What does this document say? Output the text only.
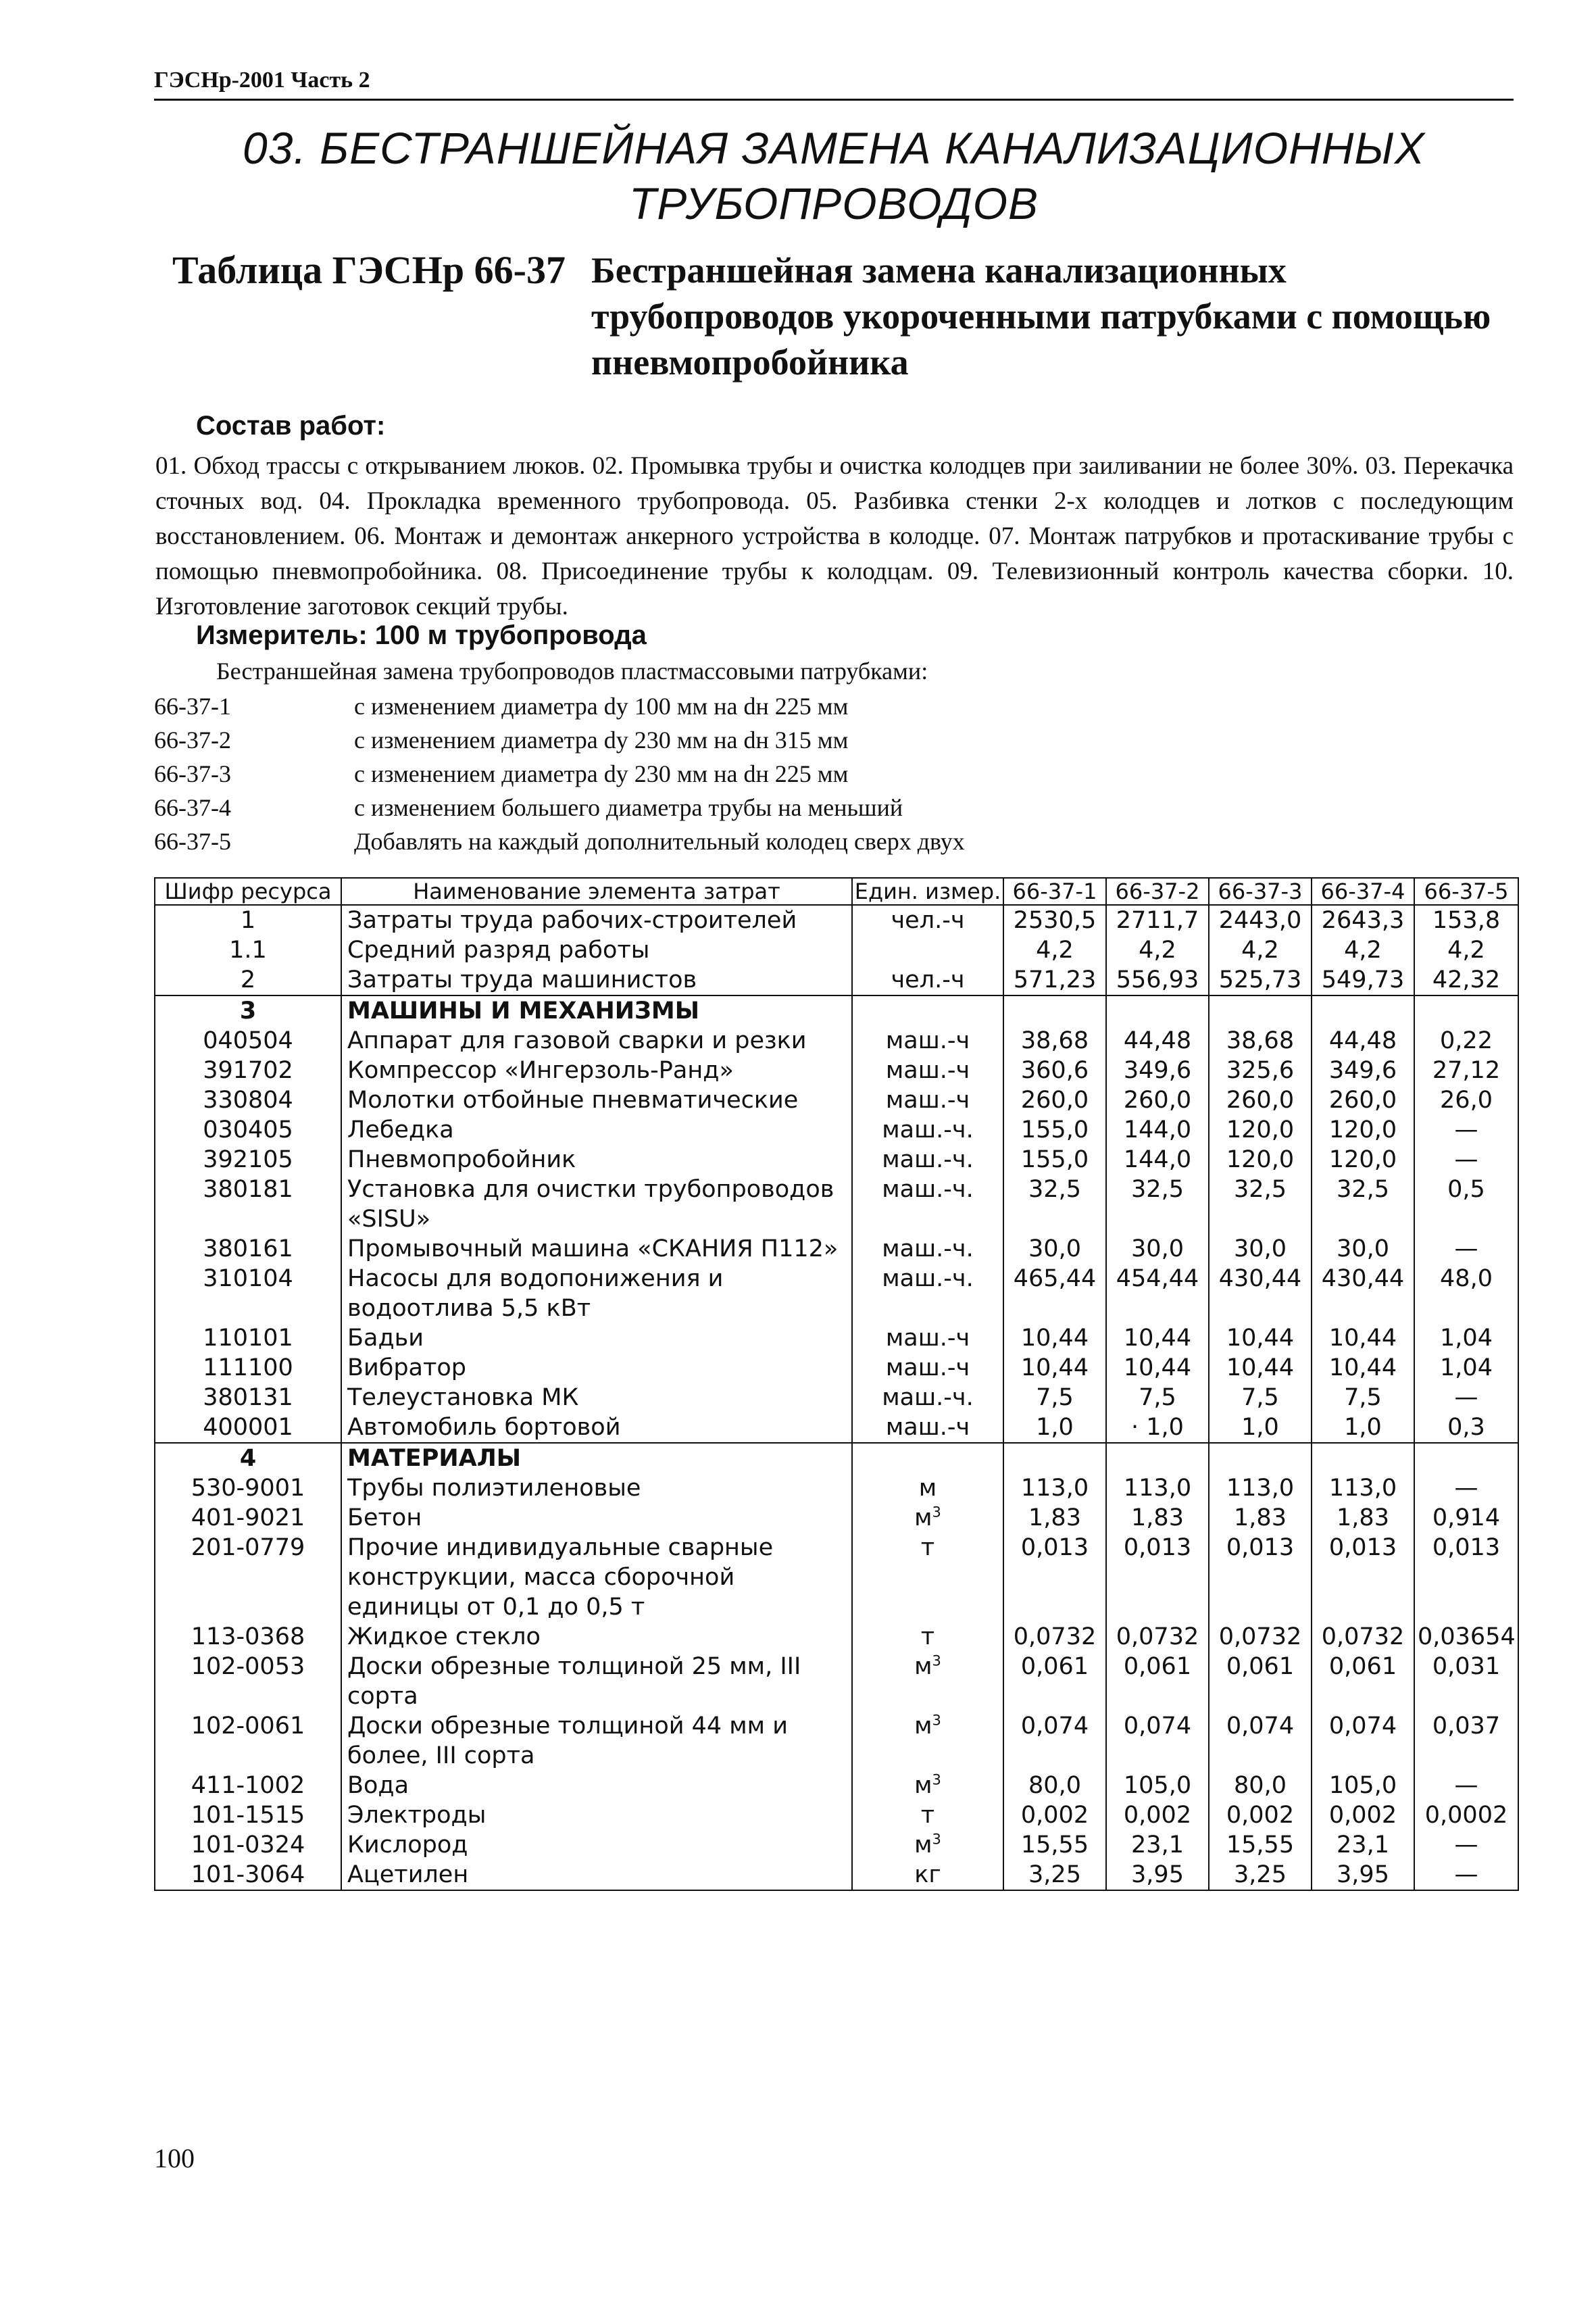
ГЭСНр-2001 Часть 2
03. БЕСТРАНШЕЙНАЯ ЗАМЕНА КАНАЛИЗАЦИОННЫХ
ТРУБОПРОВОДОВ
Таблица ГЭСНр 66-37 Бестраншейная замена канализационных трубопроводов укороченными патрубками с помощью пневмопробойника
Состав работ:
01. Обход трассы с открыванием люков. 02. Промывка трубы и очистка колодцев при заиливании не более 30%. 03. Перекачка сточных вод. 04. Прокладка временного трубопровода. 05. Разбивка стенки 2-х колодцев и лотков с последующим восстановлением. 06. Монтаж и демонтаж анкерного устройства в колодце. 07. Монтаж патрубков и протаскивание трубы с помощью пневмопробойника. 08. Присоединение трубы к колодцам. 09. Телевизионный контроль качества сборки. 10. Изготовление заготовок секций трубы.
Измеритель: 100 м трубопровода
Бестраншейная замена трубопроводов пластмассовыми патрубками:
66-37-1	с изменением диаметра dy 100 мм на dн 225 мм
66-37-2	с изменением диаметра dy 230 мм на dн 315 мм
66-37-3	с изменением диаметра dy 230 мм на dн 225 мм
66-37-4	с изменением большего диаметра трубы на меньший
66-37-5	Добавлять на каждый дополнительный колодец сверх двух
Шифр ресурса	Наименование элемента затрат	Един. измер.	66-37-1	66-37-2	66-37-3	66-37-4	66-37-5
1	Затраты труда рабочих-строителей	чел.-ч	2530,5	2711,7	2443,0	2643,3	153,8
1.1	Средний разряд работы		4,2	4,2	4,2	4,2	4,2
2	Затраты труда машинистов	чел.-ч	571,23	556,93	525,73	549,73	42,32
3	МАШИНЫ И МЕХАНИЗМЫ						
040504	Аппарат для газовой сварки и резки	маш.-ч	38,68	44,48	38,68	44,48	0,22
391702	Компрессор «Ингерзоль-Ранд»	маш.-ч	360,6	349,6	325,6	349,6	27,12
330804	Молотки отбойные пневматические	маш.-ч	260,0	260,0	260,0	260,0	26,0
030405	Лебедка	маш.-ч.	155,0	144,0	120,0	120,0	—
392105	Пневмопробойник	маш.-ч.	155,0	144,0	120,0	120,0	—
380181	Установка для очистки трубопроводов «SISU»	маш.-ч.	32,5	32,5	32,5	32,5	0,5
380161	Промывочный машина «СКАНИЯ П112»	маш.-ч.	30,0	30,0	30,0	30,0	—
310104	Насосы для водопонижения и водоотлива 5,5 кВт	маш.-ч.	465,44	454,44	430,44	430,44	48,0
110101	Бадьи	маш.-ч	10,44	10,44	10,44	10,44	1,04
111100	Вибратор	маш.-ч	10,44	10,44	10,44	10,44	1,04
380131	Телеустановка МК	маш.-ч.	7,5	7,5	7,5	7,5	—
400001	Автомобиль бортовой	маш.-ч	1,0	· 1,0	1,0	1,0	0,3
4	МАТЕРИАЛЫ						
530-9001	Трубы полиэтиленовые	м	113,0	113,0	113,0	113,0	—
401-9021	Бетон	$м^3$	1,83	1,83	1,83	1,83	0,914
201-0779	Прочие индивидуальные сварные конструкции, масса сборочной единицы от 0,1 до 0,5 т	т	0,013	0,013	0,013	0,013	0,013
113-0368	Жидкое стекло	т	0,0732	0,0732	0,0732	0,0732	0,03654
102-0053	Доски обрезные толщиной 25 мм, III сорта	$м^3$	0,061	0,061	0,061	0,061	0,031
102-0061	Доски обрезные толщиной 44 мм и более, III сорта	$м^3$	0,074	0,074	0,074	0,074	0,037
411-1002	Вода	$м^3$	80,0	105,0	80,0	105,0	—
101-1515	Электроды	т	0,002	0,002	0,002	0,002	0,0002
101-0324	Кислород	$м^3$	15,55	23,1	15,55	23,1	—
101-3064	Ацетилен	кг	3,25	3,95	3,25	3,95	—
100
